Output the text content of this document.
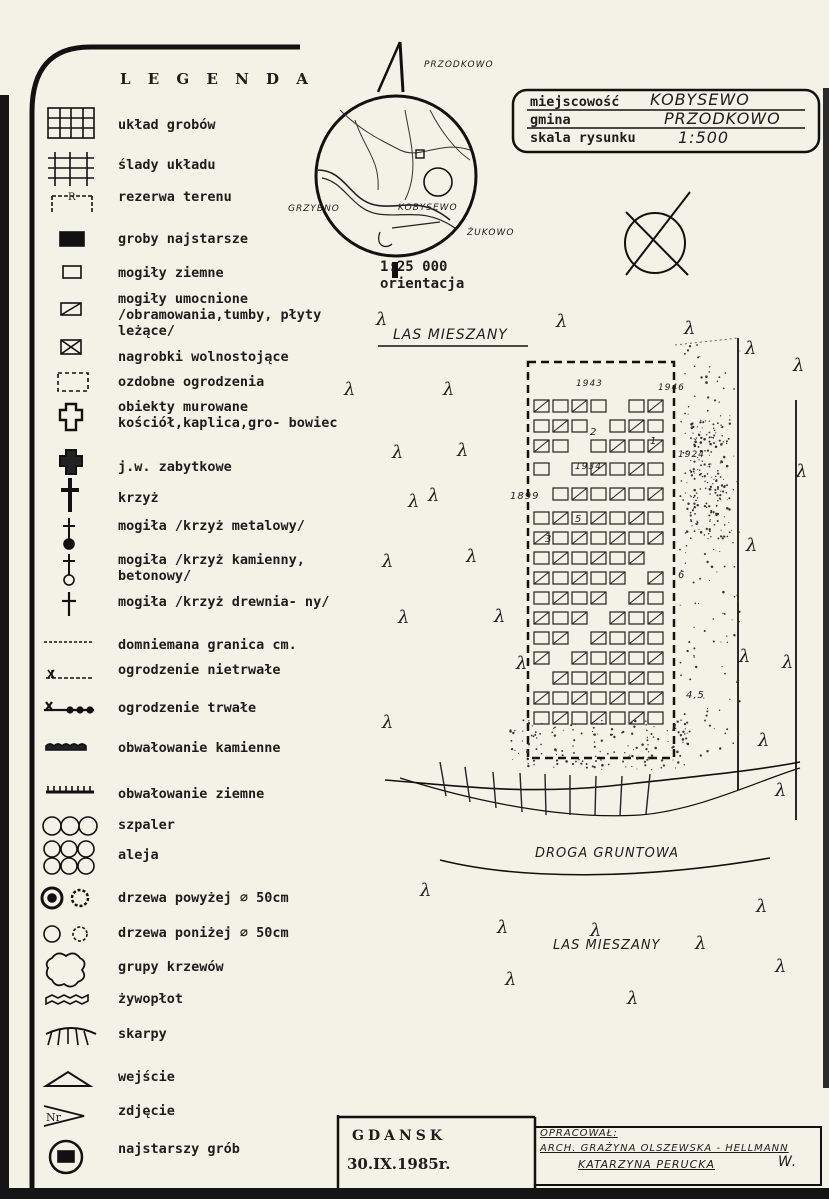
L E G E N D A
układ grobów
ślady układu
rezerwa terenu
groby najstarsze
mogiły ziemne
mogiły umocnione /obramowania,tumby, płyty leżące/
nagrobki wolnostojące
ozdobne ogrodzenia
obiekty murowane kościół,kaplica,gro- bowiec
j.w. zabytkowe
krzyż
mogiła /krzyż metalowy/
mogiła /krzyż kamienny, betonowy/
mogiła /krzyż drewnia- ny/
domniemana granica cm.
ogrodzenie nietrwałe
ogrodzenie trwałe
obwałowanie kamienne
obwałowanie ziemne
szpaler
aleja
drzewa powyżej ⌀ 50cm
drzewa poniżej ⌀ 50cm
grupy krzewów
żywopłot
skarpy
wejście
zdjęcie
najstarszy grób
Nr
R
miejscowość KOBYSEWO
gmina	PRZODKOWO
skala rysunku	1:500
PRZODKOWO
GRZYBNO	KOBYSEWO
ŻUKOWO
1:25 000
orientacja
LAS MIESZANY
DROGA GRUNTOWA
LAS MIESZANY
1943	1946
1924
1934
1899
1
2
3
5
6
4,5
λ	λ	λ
λ
λ
λ	λ
λ	λ
λ
λ
λ
λ
λ
λ	λ
λ
λ	λ λ
λ
λ
λ
λ
λ
λ	λ
λ
λ
λ
λ
GDANSK
30.IX.1985r.
OPRACOWAŁ:
ARCH. GRAŻYNA OLSZEWSKA - HELLMANN
KATARZYNA PERUCKA	W.
